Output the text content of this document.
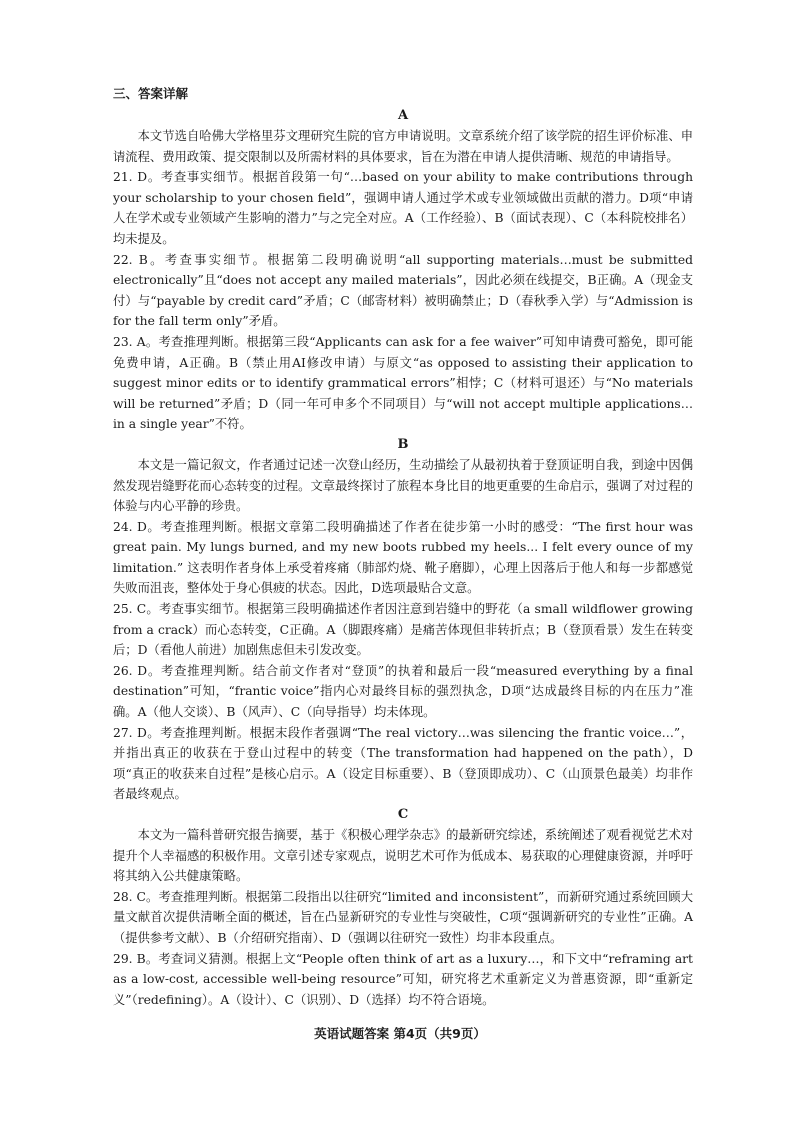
三、答案详解
A

本文节选自哈佛大学格里芬文理研究生院的官方申请说明。文章系统介绍了该学院的招生评价标准、申请流程、费用政策、提交限制以及所需材料的具体要求，旨在为潜在申请人提供清晰、规范的申请指导。

21. D。考查事实细节。根据首段第一句“…based on your ability to make contributions through your scholarship to your chosen field”，强调申请人通过学术或专业领域做出贡献的潜力。D项“申请人在学术或专业领域产生影响的潜力”与之完全对应。A（工作经验）、B（面试表现）、C（本科院校排名）均未提及。

22. B。考查事实细节。根据第二段明确说明“all supporting materials…must be submitted electronically”且“does not accept any mailed materials”，因此必须在线提交，B正确。A（现金支付）与“payable by credit card”矛盾；C（邮寄材料）被明确禁止；D（春秋季入学）与“Admission is for the fall term only”矛盾。

23. A。考查推理判断。根据第三段“Applicants can ask for a fee waiver”可知申请费可豁免，即可能免费申请，A正确。B（禁止用AI修改申请）与原文“as opposed to assisting their application to suggest minor edits or to identify grammatical errors”相悖；C（材料可退还）与“No materials will be returned”矛盾；D（同一年可申多个不同项目）与“will not accept multiple applications…in a single year”不符。

B

本文是一篇记叙文，作者通过记述一次登山经历，生动描绘了从最初执着于登顶证明自我，到途中因偶然发现岩缝野花而心态转变的过程。文章最终探讨了旅程本身比目的地更重要的生命启示，强调了对过程的体验与内心平静的珍贵。

24. D。考查推理判断。根据文章第二段明确描述了作者在徒步第一小时的感受：“The first hour was great pain. My lungs burned, and my new boots rubbed my heels... I felt every ounce of my limitation.” 这表明作者身体上承受着疼痛（肺部灼烧、靴子磨脚），心理上因落后于他人和每一步都感觉失败而沮丧，整体处于身心俱疲的状态。因此，D选项最贴合文意。

25. C。考查事实细节。根据第三段明确描述作者因注意到岩缝中的野花（a small wildflower growing from a crack）而心态转变，C正确。A（脚跟疼痛）是痛苦体现但非转折点；B（登顶看景）发生在转变后；D（看他人前进）加剧焦虑但未引发改变。

26. D。考查推理判断。结合前文作者对“登顶”的执着和最后一段“measured everything by a final destination”可知，“frantic voice”指内心对最终目标的强烈执念，D项“达成最终目标的内在压力”准确。A（他人交谈）、B（风声）、C（向导指导）均未体现。

27. D。考查推理判断。根据末段作者强调“The real victory…was silencing the frantic voice…”，并指出真正的收获在于登山过程中的转变（The transformation had happened on the path），D项“真正的收获来自过程”是核心启示。A（设定目标重要）、B（登顶即成功）、C（山顶景色最美）均非作者最终观点。

C

本文为一篇科普研究报告摘要，基于《积极心理学杂志》的最新研究综述，系统阐述了观看视觉艺术对提升个人幸福感的积极作用。文章引述专家观点，说明艺术可作为低成本、易获取的心理健康资源，并呼吁将其纳入公共健康策略。

28. C。考查推理判断。根据第二段指出以往研究“limited and inconsistent”，而新研究通过系统回顾大量文献首次提供清晰全面的概述，旨在凸显新研究的专业性与突破性，C项“强调新研究的专业性”正确。A（提供参考文献）、B（介绍研究指南）、D（强调以往研究一致性）均非本段重点。

29. B。考查词义猜测。根据上文“People often think of art as a luxury…，和下文中“reframing art as a low-cost, accessible well-being resource”可知，研究将艺术重新定义为普惠资源，即“重新定义”（redefining）。A（设计）、C（识别）、D（选择）均不符合语境。

英语试题答案 第4页（共9页）
